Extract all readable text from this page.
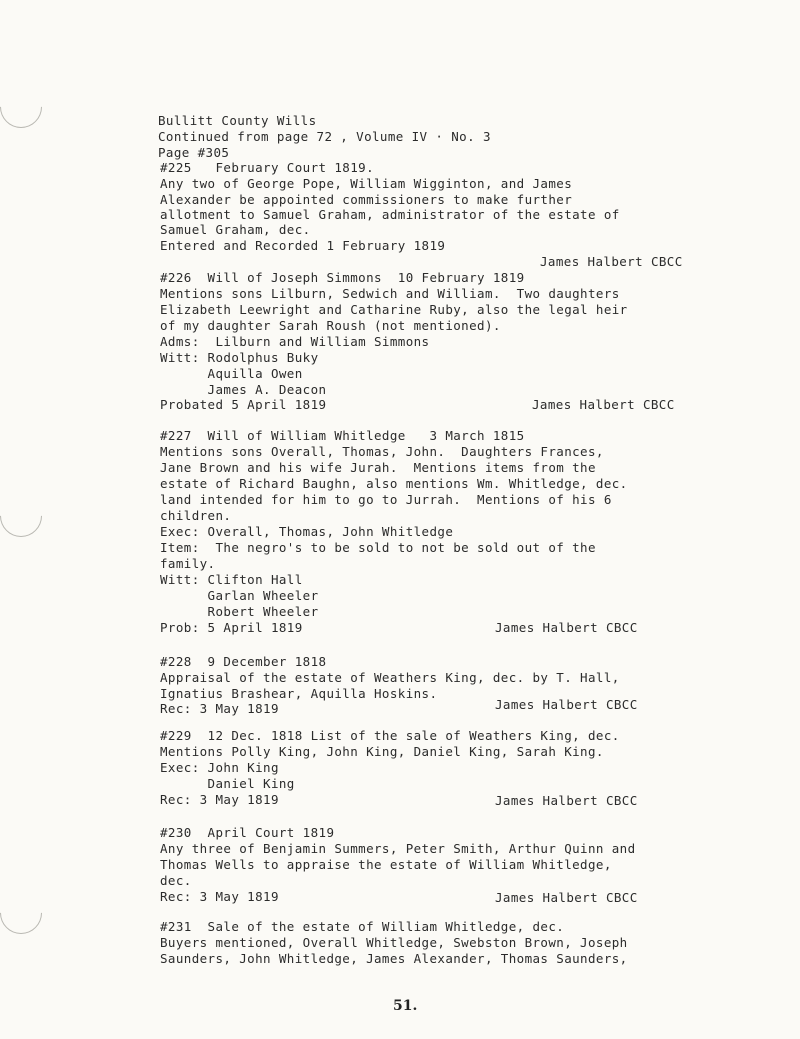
Bullitt County Wills
Continued from page 72 , Volume IV · No. 3
Page #305
#225   February Court 1819.
Any two of George Pope, William Wigginton, and James
Alexander be appointed commissioners to make further
allotment to Samuel Graham, administrator of the estate of
Samuel Graham, dec.
Entered and Recorded 1 February 1819
#226  Will of Joseph Simmons  10 February 1819
Mentions sons Lilburn, Sedwich and William.  Two daughters
Elizabeth Leewright and Catharine Ruby, also the legal heir
of my daughter Sarah Roush (not mentioned).
Adms:  Lilburn and William Simmons
Witt: Rodolphus Buky
Aquilla Owen
James A. Deacon
Probated 5 April 1819
#227  Will of William Whitledge   3 March 1815
Mentions sons Overall, Thomas, John.  Daughters Frances,
Jane Brown and his wife Jurah.  Mentions items from the
estate of Richard Baughn, also mentions Wm. Whitledge, dec.
land intended for him to go to Jurrah.  Mentions of his 6
children.
Exec: Overall, Thomas, John Whitledge
Item:  The negro's to be sold to not be sold out of the
family.
Witt: Clifton Hall
Garlan Wheeler
Robert Wheeler
Prob: 5 April 1819
#228  9 December 1818
Appraisal of the estate of Weathers King, dec. by T. Hall,
Ignatius Brashear, Aquilla Hoskins.
Rec: 3 May 1819
#229  12 Dec. 1818 List of the sale of Weathers King, dec.
Mentions Polly King, John King, Daniel King, Sarah King.
Exec: John King
Daniel King
Rec: 3 May 1819
#230  April Court 1819
Any three of Benjamin Summers, Peter Smith, Arthur Quinn and
Thomas Wells to appraise the estate of William Whitledge,
dec.
Rec: 3 May 1819
#231  Sale of the estate of William Whitledge, dec.
Buyers mentioned, Overall Whitledge, Swebston Brown, Joseph
Saunders, John Whitledge, James Alexander, Thomas Saunders,
James Halbert CBCC
James Halbert CBCC
James Halbert CBCC
James Halbert CBCC
James Halbert CBCC
James Halbert CBCC
51.
